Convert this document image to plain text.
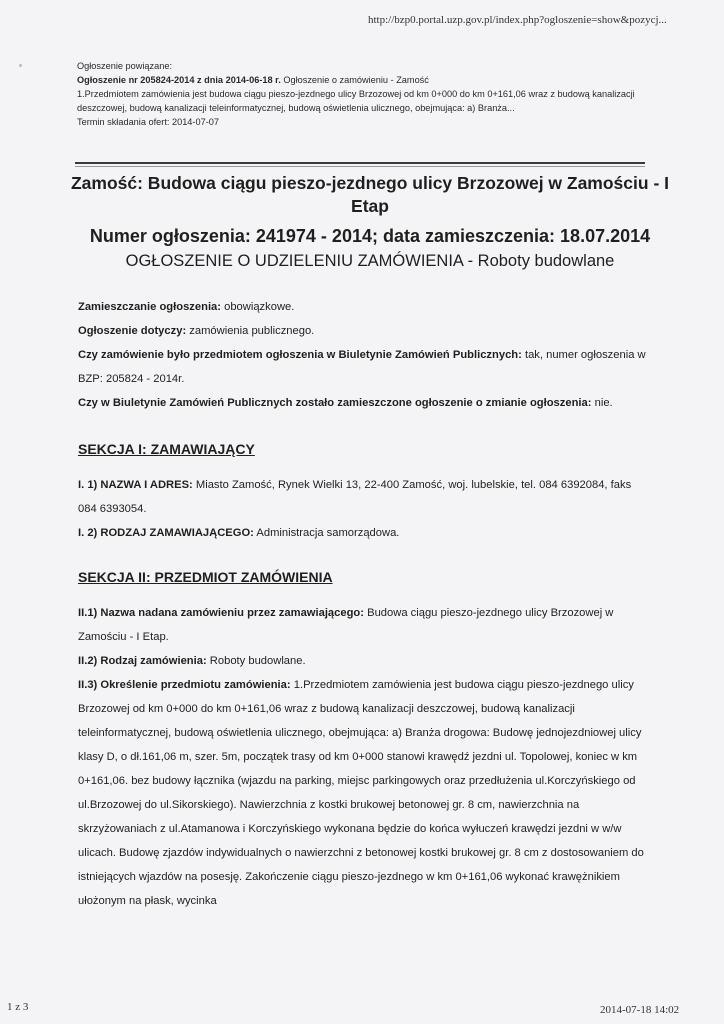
http://bzp0.portal.uzp.gov.pl/index.php?ogloszenie=show&pozycj...

Ogłoszenie powiązane:

Ogłoszenie nr 205824-2014 z dnia 2014-06-18 r. Ogłoszenie o zamówieniu - Zamość

1.Przedmiotem zamówienia jest budowa ciągu pieszo-jezdnego ulicy Brzozowej od km 0+000 do km 0+161,06 wraz z budową kanalizacji deszczowej, budową kanalizacji teleinformatycznej, budową oświetlenia ulicznego, obejmująca: a) Branża...

Termin składania ofert: 2014-07-07

Zamość: Budowa ciągu pieszo-jezdnego ulicy Brzozowej w Zamościu - I Etap

Numer ogłoszenia: 241974 - 2014; data zamieszczenia: 18.07.2014

OGŁOSZENIE O UDZIELENIU ZAMÓWIENIA - Roboty budowlane

Zamieszczanie ogłoszenia: obowiązkowe.

Ogłoszenie dotyczy: zamówienia publicznego.

Czy zamówienie było przedmiotem ogłoszenia w Biuletynie Zamówień Publicznych: tak, numer ogłoszenia w BZP: 205824 - 2014r.

Czy w Biuletynie Zamówień Publicznych zostało zamieszczone ogłoszenie o zmianie ogłoszenia: nie.

SEKCJA I: ZAMAWIAJĄCY

I. 1) NAZWA I ADRES: Miasto Zamość, Rynek Wielki 13, 22-400 Zamość, woj. lubelskie, tel. 084 6392084, faks 084 6393054.

I. 2) RODZAJ ZAMAWIAJĄCEGO: Administracja samorządowa.

SEKCJA II: PRZEDMIOT ZAMÓWIENIA

II.1) Nazwa nadana zamówieniu przez zamawiającego: Budowa ciągu pieszo-jezdnego ulicy Brzozowej w Zamościu - I Etap.

II.2) Rodzaj zamówienia: Roboty budowlane.

II.3) Określenie przedmiotu zamówienia: 1.Przedmiotem zamówienia jest budowa ciągu pieszo-jezdnego ulicy Brzozowej od km 0+000 do km 0+161,06 wraz z budową kanalizacji deszczowej, budową kanalizacji teleinformatycznej, budową oświetlenia ulicznego, obejmująca: a) Branża drogowa: Budowę jednojezdniowej ulicy klasy D, o dł.161,06 m, szer. 5m, początek trasy od km 0+000 stanowi krawędź jezdni ul. Topolowej, koniec w km 0+161,06. bez budowy łącznika (wjazdu na parking, miejsc parkingowych oraz przedłużenia ul.Korczyńskiego od ul.Brzozowej do ul.Sikorskiego). Nawierzchnia z kostki brukowej betonowej gr. 8 cm, nawierzchnia na skrzyżowaniach z ul.Atamanowa i Korczyńskiego wykonana będzie do końca wyłuczeń krawędzi jezdni w w/w ulicach. Budowę zjazdów indywidualnych o nawierzchni z betonowej kostki brukowej gr. 8 cm z dostosowaniem do istniejących wjazdów na posesję. Zakończenie ciągu pieszo-jezdnego w km 0+161,06 wykonać krawężnikiem ułożonym na płask, wycinka

1 z 3	2014-07-18 14:02
